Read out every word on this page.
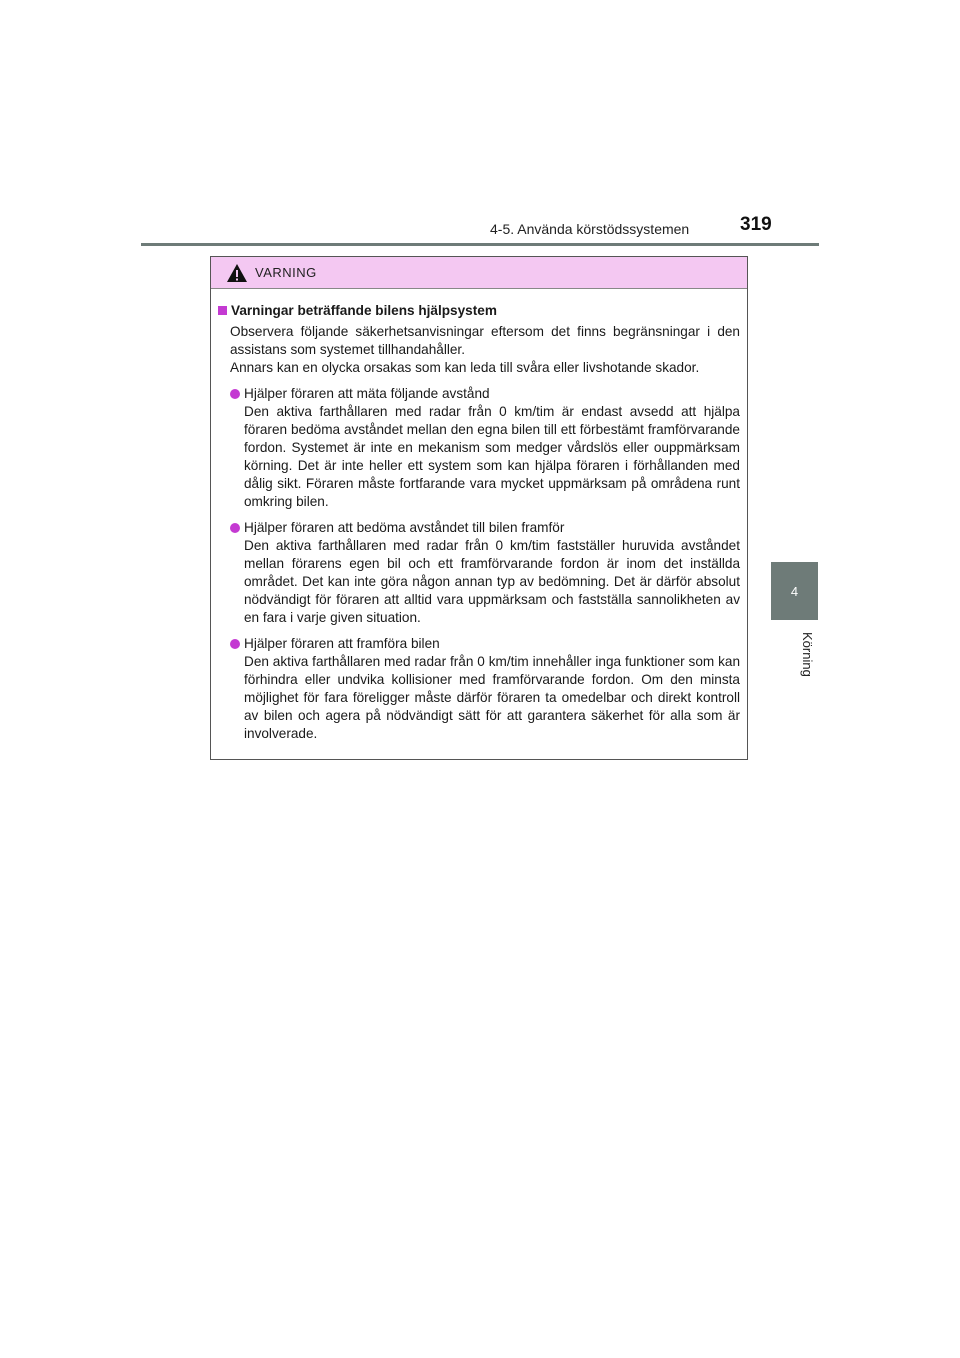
4-5. Använda körstödssystemen	319
4
Körning
VARNING
Varningar beträffande bilens hjälpsystem

Observera följande säkerhetsanvisningar eftersom det finns begränsningar i den assistans som systemet tillhandahåller.

Annars kan en olycka orsakas som kan leda till svåra eller livshotande skador.

Hjälper föraren att mäta följande avstånd
Den aktiva farthållaren med radar från 0 km/tim är endast avsedd att hjälpa föraren bedöma avståndet mellan den egna bilen till ett förbestämt framförvarande fordon. Systemet är inte en mekanism som medger vårdslös eller ouppmärksam körning. Det är inte heller ett system som kan hjälpa föraren i förhållanden med dålig sikt. Föraren måste fortfarande vara mycket uppmärksam på områdena runt omkring bilen.
Hjälper föraren att bedöma avståndet till bilen framför
Den aktiva farthållaren med radar från 0 km/tim fastställer huruvida avståndet mellan förarens egen bil och ett framförvarande fordon är inom det inställda området. Det kan inte göra någon annan typ av bedömning. Det är därför absolut nödvändigt för föraren att alltid vara uppmärksam och fastställa sannolikheten av en fara i varje given situation.
Hjälper föraren att framföra bilen
Den aktiva farthållaren med radar från 0 km/tim innehåller inga funktioner som kan förhindra eller undvika kollisioner med framförvarande fordon. Om den minsta möjlighet för fara föreligger måste därför föraren ta omedelbar och direkt kontroll av bilen och agera på nödvändigt sätt för att garantera säkerhet för alla som är involverade.
